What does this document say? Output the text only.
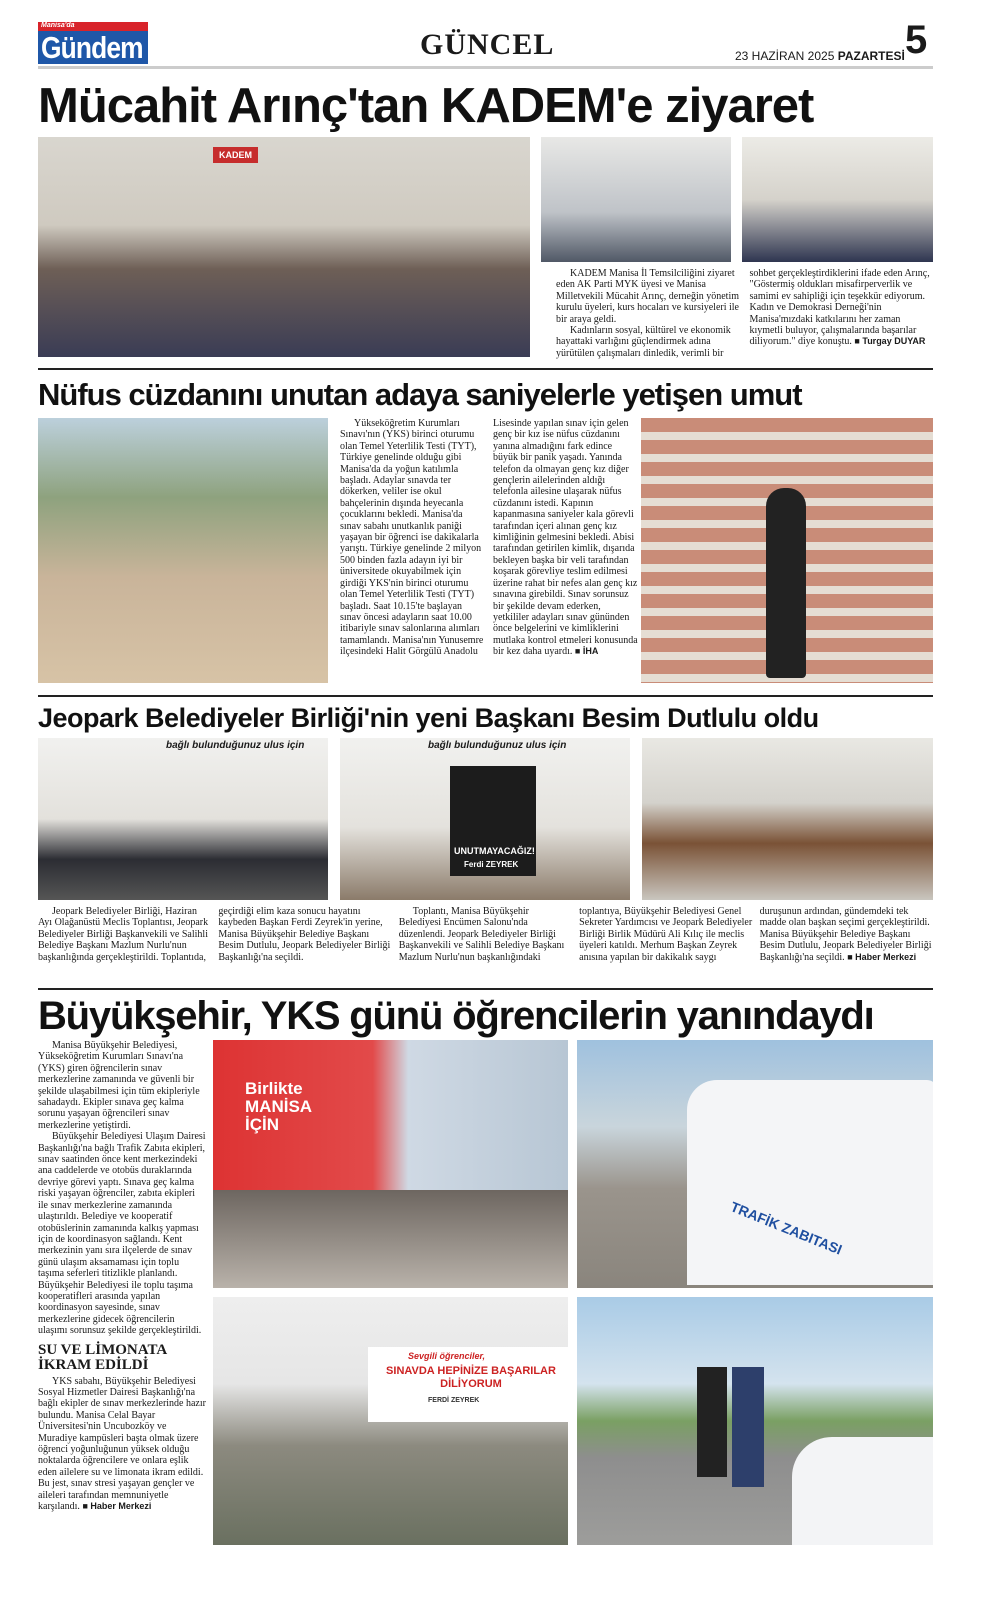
Manisa'da
Gündem	GÜNCEL	23 HAZİRAN 2025 PAZARTESİ 5
Mücahit Arınç'tan KADEM'e ziyaret
KADEM

KADEM Manisa İl Temsilciliğini ziyaret eden AK Parti MYK üyesi ve Manisa Milletvekili Mücahit Arınç, derneğin yönetim kurulu üyeleri, kurs hocaları ve kursiyeleri ile bir araya geldi.

Kadınların sosyal, kültürel ve ekonomik hayattaki varlığını güçlendirmek adına yürütülen çalışmaları dinledik, verimli bir sohbet gerçekleştirdiklerini ifade eden Arınç, "Göstermiş oldukları misafirperverlik ve samimi ev sahipliği için teşekkür ediyorum. Kadın ve Demokrasi Derneği'nin Manisa'mızdaki katkılarını her zaman kıymetli buluyor, çalışmalarında başarılar diliyorum." diye konuştu. ■ Turgay DUYAR

Nüfus cüzdanını unutan adaya saniyelerle yetişen umut

Yükseköğretim Kurumları Sınavı'nın (YKS) birinci oturumu olan Temel Yeterlilik Testi (TYT), Türkiye genelinde olduğu gibi Manisa'da da yoğun katılımla başladı. Adaylar sınavda ter dökerken, veliler ise okul bahçelerinin dışında heyecanla çocuklarını bekledi. Manisa'da sınav sabahı unutkanlık paniği yaşayan bir öğrenci ise dakikalarla yarıştı. Türkiye genelinde 2 milyon 500 binden fazla adayın iyi bir üniversitede okuyabilmek için girdiği YKS'nin birinci oturumu olan Temel Yeterlilik Testi (TYT) başladı. Saat 10.15'te başlayan sınav öncesi adayların saat 10.00 itibariyle sınav salonlarına alımları tamamlandı. Manisa'nın Yunusemre ilçesindeki Halit Görgülü Anadolu Lisesinde yapılan sınav için gelen genç bir kız ise nüfus cüzdanını yanına almadığını fark edince büyük bir panik yaşadı. Yanında telefon da olmayan genç kız diğer gençlerin ailelerinden aldığı telefonla ailesine ulaşarak nüfus cüzdanını istedi. Kapının kapanmasına saniyeler kala görevli tarafından içeri alınan genç kız kimliğinin gelmesini bekledi. Abisi tarafından getirilen kimlik, dışarıda bekleyen başka bir veli tarafından koşarak görevliye teslim edilmesi üzerine rahat bir nefes alan genç kız sınavına girebildi. Sınav sorunsuz bir şekilde devam ederken, yetkililer adayları sınav gününden önce belgelerini ve kimliklerini mutlaka kontrol etmeleri konusunda bir kez daha uyardı. ■ İHA

Jeopark Belediyeler Birliği'nin yeni Başkanı Besim Dutlulu oldu
bağlı bulunduğunuz ulus için	bağlı bulunduğunuz ulus için
UNUTMAYACAĞIZ!
Ferdi ZEYREK

Jeopark Belediyeler Birliği, Haziran Ayı Olağanüstü Meclis Toplantısı, Jeopark Belediyeler Birliği Başkanvekili ve Salihli Belediye Başkanı Mazlum Nurlu'nun başkanlığında gerçekleştirildi. Toplantıda, geçirdiği elim kaza sonucu hayatını kaybeden Başkan Ferdi Zeyrek'in yerine, Manisa Büyükşehir Belediye Başkanı Besim Dutlulu, Jeopark Belediyeler Birliği Başkanlığı'na seçildi.

Toplantı, Manisa Büyükşehir Belediyesi Encümen Salonu'nda düzenlendi. Jeopark Belediyeler Birliği Başkanvekili ve Salihli Belediye Başkanı Mazlum Nurlu'nun başkanlığındaki toplantıya, Büyükşehir Belediyesi Genel Sekreter Yardımcısı ve Jeopark Belediyeler Birliği Birlik Müdürü Ali Kılıç ile meclis üyeleri katıldı. Merhum Başkan Zeyrek anısına yapılan bir dakikalık saygı duruşunun ardından, gündemdeki tek madde olan başkan seçimi gerçekleştirildi. Manisa Büyükşehir Belediye Başkanı Besim Dutlulu, Jeopark Belediyeler Birliği Başkanlığı'na seçildi. ■ Haber Merkezi

Büyükşehir, YKS günü öğrencilerin yanındaydı

Manisa Büyükşehir Belediyesi, Yükseköğretim Kurumları Sınavı'na (YKS) giren öğrencilerin sınav merkezlerine zamanında ve güvenli bir şekilde ulaşabilmesi için tüm ekipleriyle sahadaydı. Ekipler sınava geç kalma sorunu yaşayan öğrencileri sınav merkezlerine yetiştirdi.

Büyükşehir Belediyesi Ulaşım Dairesi Başkanlığı'na bağlı Trafik Zabıta ekipleri, sınav saatinden önce kent merkezindeki ana caddelerde ve otobüs duraklarında devriye görevi yaptı. Sınava geç kalma riski yaşayan öğrenciler, zabıta ekipleri ile sınav merkezlerine zamanında ulaştırıldı. Belediye ve kooperatif otobüslerinin zamanında kalkış yapması için de koordinasyon sağlandı. Kent merkezinin yanı sıra ilçelerde de sınav günü ulaşım aksamaması için toplu taşıma seferleri titizlikle planlandı. Büyükşehir Belediyesi ile toplu taşıma kooperatifleri arasında yapılan koordinasyon sayesinde, sınav merkezlerine gidecek öğrencilerin ulaşımı sorunsuz şekilde gerçekleştirildi.

SU VE LİMONATA İKRAM EDİLDİ

YKS sabahı, Büyükşehir Belediyesi Sosyal Hizmetler Dairesi Başkanlığı'na bağlı ekipler de sınav merkezlerinde hazır bulundu. Manisa Celal Bayar Üniversitesi'nin Uncubozköy ve Muradiye kampüsleri başta olmak üzere öğrenci yoğunluğunun yüksek olduğu noktalarda öğrencilere ve onlara eşlik eden ailelere su ve limonata ikram edildi. Bu jest, sınav stresi yaşayan gençler ve aileleri tarafından memnuniyetle karşılandı. ■ Haber Merkezi

Birlikte MANİSA İÇİN
TRAFİK ZABITASI
Sevgili öğrenciler,
SINAVDA HEPİNİZE BAŞARILAR DİLİYORUM
FERDİ ZEYREK
